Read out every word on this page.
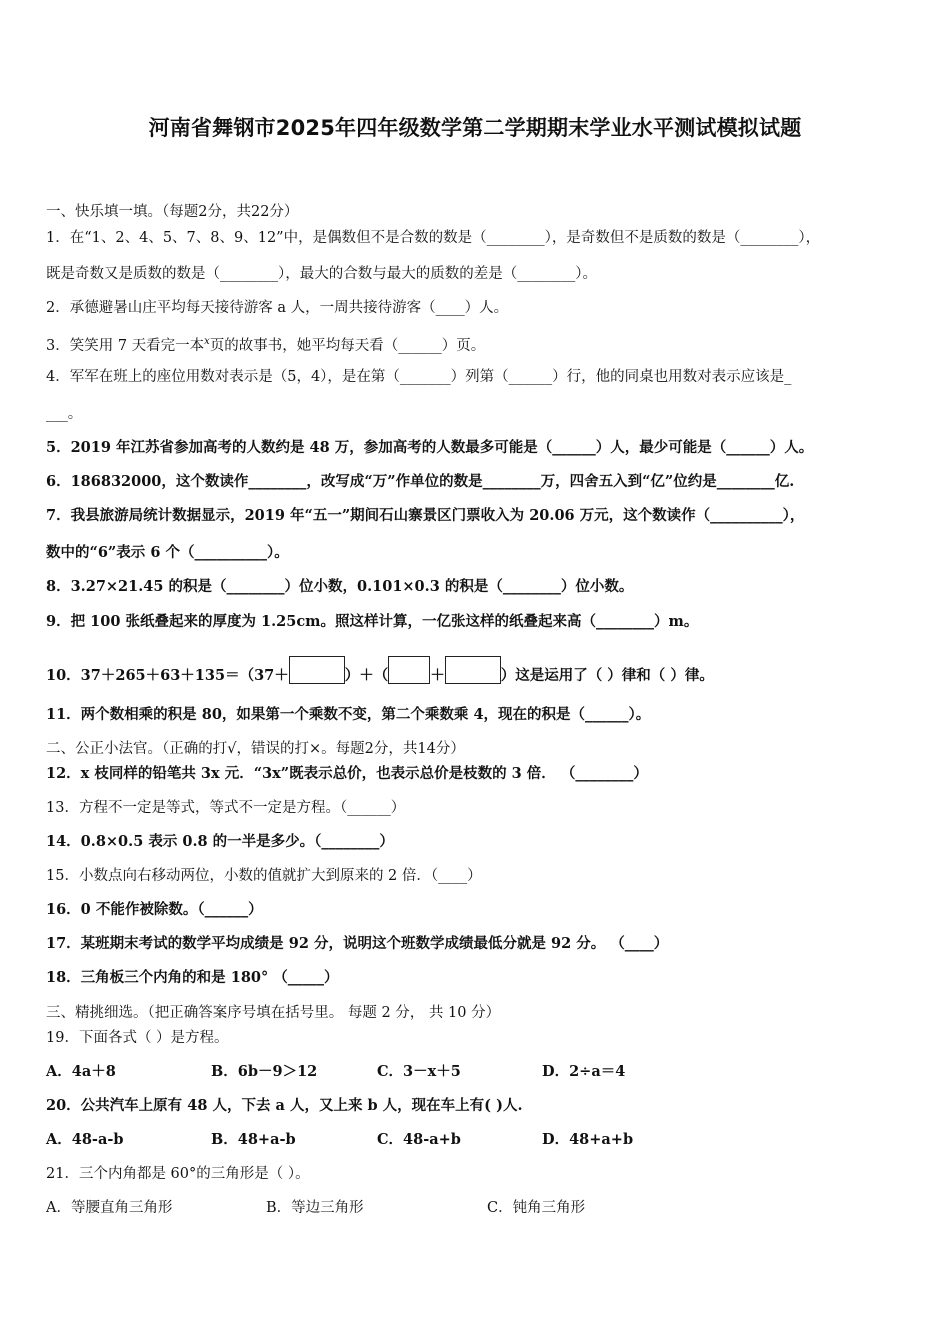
河南省舞钢市2025年四年级数学第二学期期末学业水平测试模拟试题
一、快乐填一填。（每题2分，共22分）
1．在“1、2、4、5、7、8、9、12”中，是偶数但不是合数的数是（________），是奇数但不是质数的数是（________），
既是奇数又是质数的数是（________），最大的合数与最大的质数的差是（________）。
2．承德避暑山庄平均每天接待游客 a 人，一周共接待游客（____）人。
3．笑笑用 7 天看完一本$^x$页的故事书，她平均每天看（______）页。
4．军军在班上的座位用数对表示是（5，4），是在第（_______）列第（______）行，他的同桌也用数对表示应该是_
___。
5．2019 年江苏省参加高考的人数约是 48 万，参加高考的人数最多可能是（______）人，最少可能是（______）人。
6．186832000，这个数读作________，改写成“万”作单位的数是________万，四舍五入到“亿”位约是________亿.
7．我县旅游局统计数据显示，2019 年“五一”期间石山寨景区门票收入为 20.06 万元，这个数读作（__________），
数中的“6”表示 6 个（__________）。
8．3.27×21.45 的积是（________）位小数，0.101×0.3 的积是（________）位小数。
9．把 100 张纸叠起来的厚度为 1.25cm。照这样计算，一亿张这样的纸叠起来高（________）m。
10．37＋265＋63＋135＝（37＋	）＋（	＋	）这是运用了（ ）律和（ ）律。
11．两个数相乘的积是 80，如果第一个乘数不变，第二个乘数乘 4，现在的积是（______）。
二、公正小法官。（正确的打√，错误的打×。每题2分，共14分）
12．x 枝同样的铅笔共 3x 元．“3x”既表示总价，也表示总价是枝数的 3 倍． （________）
13．方程不一定是等式，等式不一定是方程。（______）
14．0.8×0.5 表示 0.8 的一半是多少。（________）
15．小数点向右移动两位，小数的值就扩大到原来的 2 倍．（____）
16．0 不能作被除数。（______）
17．某班期末考试的数学平均成绩是 92 分，说明这个班数学成绩最低分就是 92 分。 （____）
18．三角板三个内角的和是 180° （_____）
三、精挑细选。（把正确答案序号填在括号里。 每题 2 分， 共 10 分）
19．下面各式（ ）是方程。
A．4a＋8	B．6b－9＞12	C．3－x＋5	D．2÷a＝4
20．公共汽车上原有 48 人，下去 a 人，又上来 b 人，现在车上有( )人.
A．48-a-b	B．48+a-b	C．48-a+b	D．48+a+b
21．三个内角都是 60°的三角形是（ ）。
A．等腰直角三角形	B．等边三角形	C．钝角三角形
